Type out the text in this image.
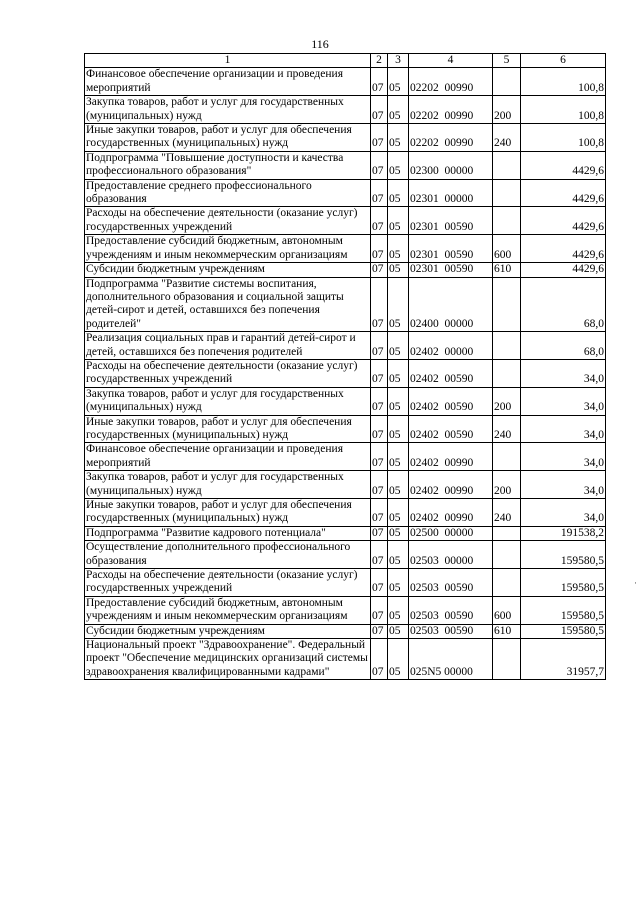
116
1	2	3	4	5	6
Финансовое обеспечение организации и проведения мероприятий	07	05	02202  00990		100,8
Закупка товаров, работ и услуг для государственных (муниципальных) нужд	07	05	02202  00990	200	100,8
Иные закупки товаров, работ и услуг для обеспечения государственных (муниципальных) нужд	07	05	02202  00990	240	100,8
Подпрограмма "Повышение доступности и качества профессионального образования"	07	05	02300  00000		4429,6
Предоставление среднего профессионального образования	07	05	02301  00000		4429,6
Расходы на обеспечение деятельности (оказание услуг) государственных учреждений	07	05	02301  00590		4429,6
Предоставление субсидий бюджетным, автономным учреждениям и иным некоммерческим организациям	07	05	02301  00590	600	4429,6
Субсидии бюджетным учреждениям	07	05	02301  00590	610	4429,6
Подпрограмма "Развитие системы воспитания, дополнительного образования и социальной защиты детей-сирот и детей, оставшихся без попечения родителей"	07	05	02400  00000		68,0
Реализация социальных прав и гарантий детей-сирот и детей, оставшихся без попечения родителей	07	05	02402  00000		68,0
Расходы на обеспечение деятельности (оказание услуг) государственных учреждений	07	05	02402  00590		34,0
Закупка товаров, работ и услуг для государственных (муниципальных) нужд	07	05	02402  00590	200	34,0
Иные закупки товаров, работ и услуг для обеспечения государственных (муниципальных) нужд	07	05	02402  00590	240	34,0
Финансовое обеспечение организации и проведения мероприятий	07	05	02402  00990		34,0
Закупка товаров, работ и услуг для государственных (муниципальных) нужд	07	05	02402  00990	200	34,0
Иные закупки товаров, работ и услуг для обеспечения государственных (муниципальных) нужд	07	05	02402  00990	240	34,0
Подпрограмма "Развитие кадрового потенциала"	07	05	02500  00000		191538,2
Осуществление дополнительного профессионального образования	07	05	02503  00000		159580,5
Расходы на обеспечение деятельности (оказание услуг) государственных учреждений	07	05	02503  00590		159580,5
Предоставление субсидий бюджетным, автономным учреждениям и иным некоммерческим организациям	07	05	02503  00590	600	159580,5
Субсидии бюджетным учреждениям	07	05	02503  00590	610	159580,5
Национальный проект "Здравоохранение". Федеральный проект "Обеспечение медицинских организаций системы здравоохранения квалифицированными кадрами"	07	05	025N5 00000		31957,7
·
